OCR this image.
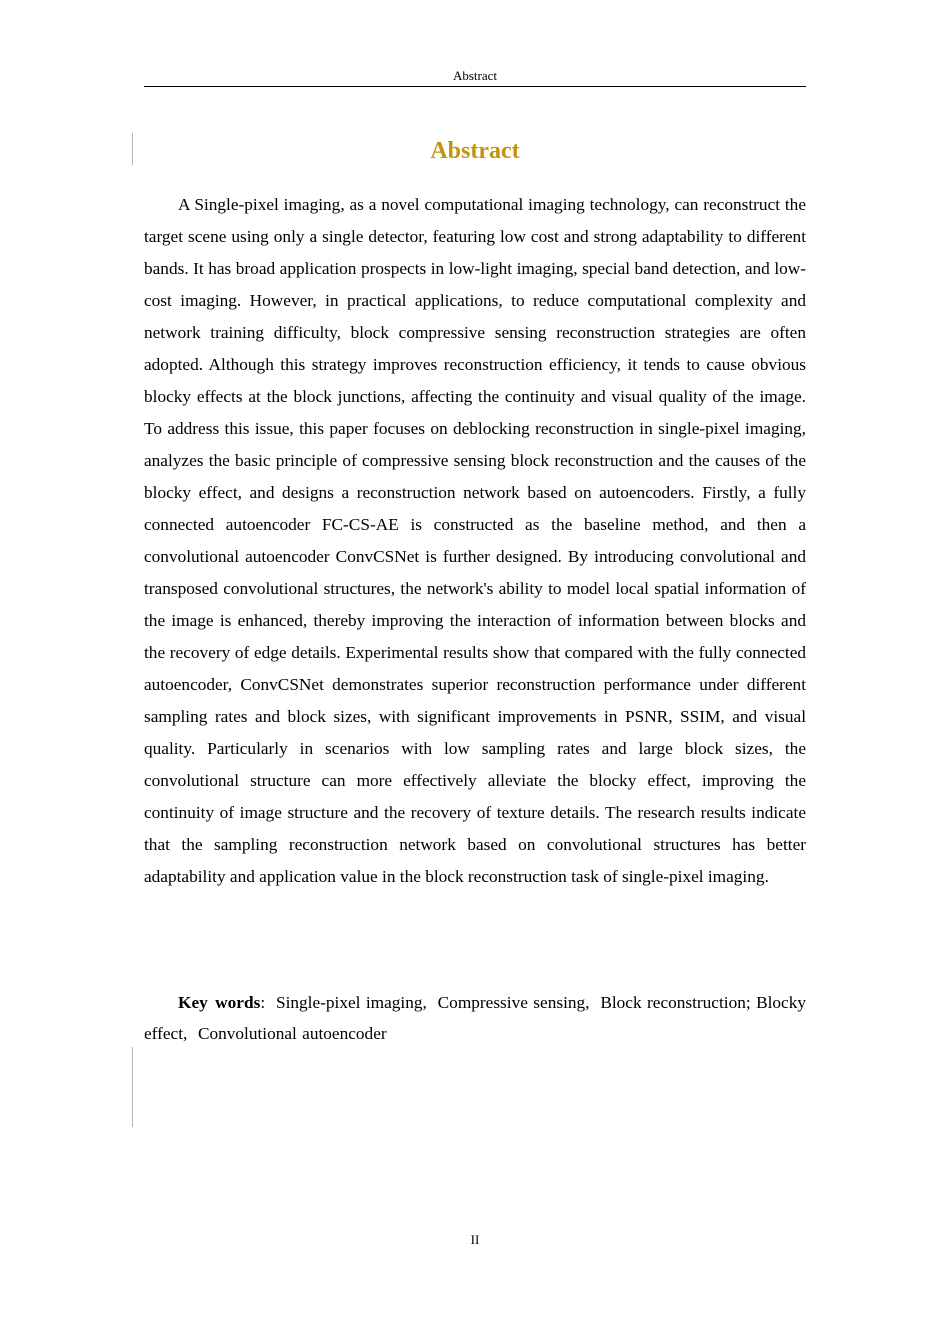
Abstract
Abstract

A Single-pixel imaging, as a novel computational imaging technology, can reconstruct the target scene using only a single detector, featuring low cost and strong adaptability to different bands. It has broad application prospects in low-light imaging, special band detection, and low-cost imaging. However, in practical applications, to reduce computational complexity and network training difficulty, block compressive sensing reconstruction strategies are often adopted. Although this strategy improves reconstruction efficiency, it tends to cause obvious blocky effects at the block junctions, affecting the continuity and visual quality of the image. To address this issue, this paper focuses on deblocking reconstruction in single-pixel imaging, analyzes the basic principle of compressive sensing block reconstruction and the causes of the blocky effect, and designs a reconstruction network based on autoencoders. Firstly, a fully connected autoencoder FC-CS-AE is constructed as the baseline method, and then a convolutional autoencoder ConvCSNet is further designed. By introducing convolutional and transposed convolutional structures, the network's ability to model local spatial information of the image is enhanced, thereby improving the interaction of information between blocks and the recovery of edge details. Experimental results show that compared with the fully connected autoencoder, ConvCSNet demonstrates superior reconstruction performance under different sampling rates and block sizes, with significant improvements in PSNR, SSIM, and visual quality. Particularly in scenarios with low sampling rates and large block sizes, the convolutional structure can more effectively alleviate the blocky effect, improving the continuity of image structure and the recovery of texture details. The research results indicate that the sampling reconstruction network based on convolutional structures has better adaptability and application value in the block reconstruction task of single-pixel imaging.

Key words:  Single-pixel imaging,  Compressive sensing,  Block reconstruction; Blocky effect,  Convolutional autoencoder

II
